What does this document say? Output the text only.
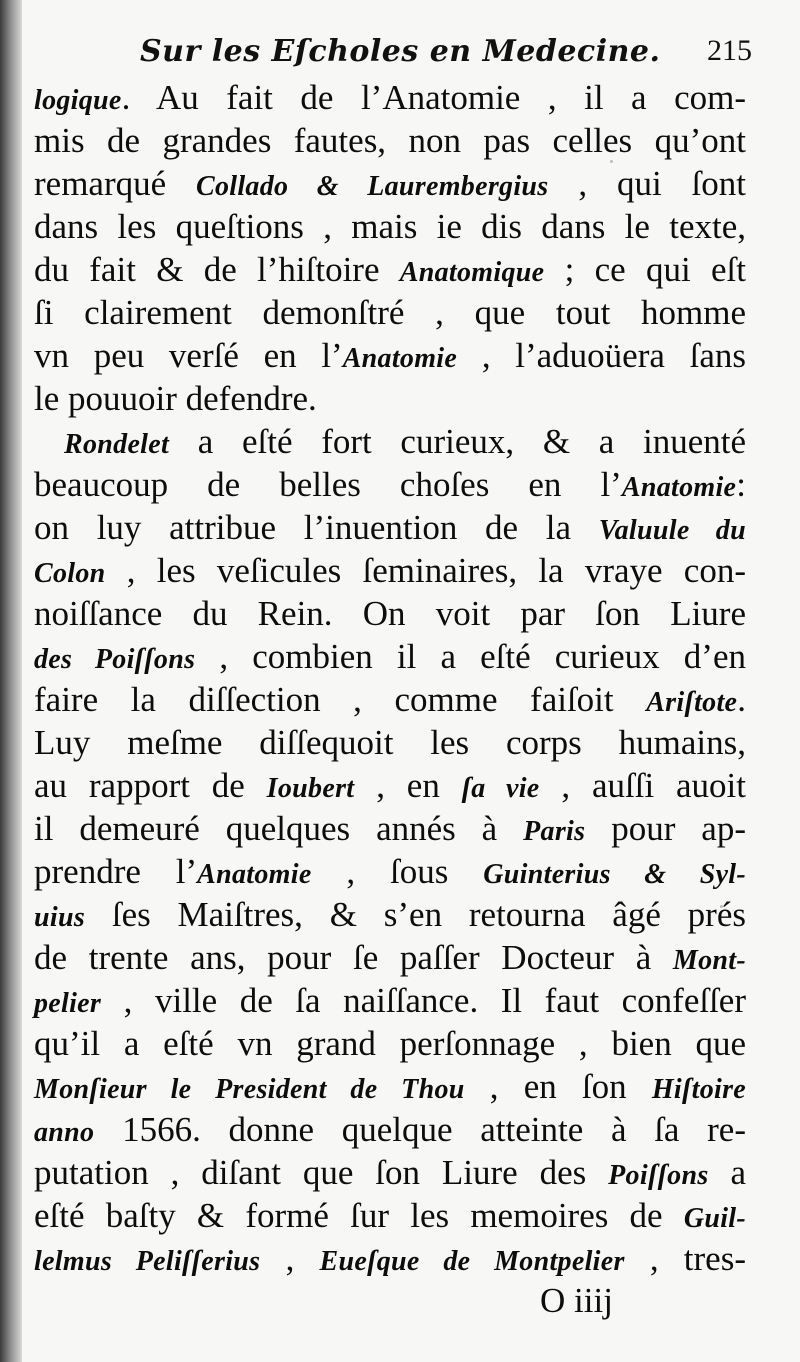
Sur les Eſcholes en Medecine. 215
logique. Au fait de l’Anatomie , il a com-
mis de grandes fautes, non pas celles qu’ont
remarqué Collado & Laurembergius , qui ſont
dans les queſtions , mais ie dis dans le texte,
du fait & de l’hiſtoire Anatomique ; ce qui eſt
ſi clairement demonſtré , que tout homme
vn peu verſé en l’Anatomie , l’aduoüera ſans
le pouuoir defendre.
Rondelet a eſté fort curieux, & a inuenté
beaucoup de belles choſes en l’Anatomie:
on luy attribue l’inuention de la Valuule du
Colon , les veſicules ſeminaires, la vraye con-
noiſſance du Rein. On voit par ſon Liure
des Poiſſons , combien il a eſté curieux d’en
faire la diſſection , comme faiſoit Ariſtote.
Luy meſme diſſequoit les corps humains,
au rapport de Ioubert , en ſa vie , auſſi auoit
il demeuré quelques annés à Paris pour ap-
prendre l’Anatomie , ſous Guinterius & Syl-
uius ſes Maiſtres, & s’en retourna âgé prés
de trente ans, pour ſe paſſer Docteur à Mont-
pelier , ville de ſa naiſſance. Il faut confeſſer
qu’il a eſté vn grand perſonnage , bien que
Monſieur le President de Thou , en ſon Hiſtoire
anno 1566. donne quelque atteinte à ſa re-
putation , diſant que ſon Liure des Poiſſons a
eſté baſty & formé ſur les memoires de Guil-
lelmus Peliſſerius , Eueſque de Montpelier , tres-
O iiij
